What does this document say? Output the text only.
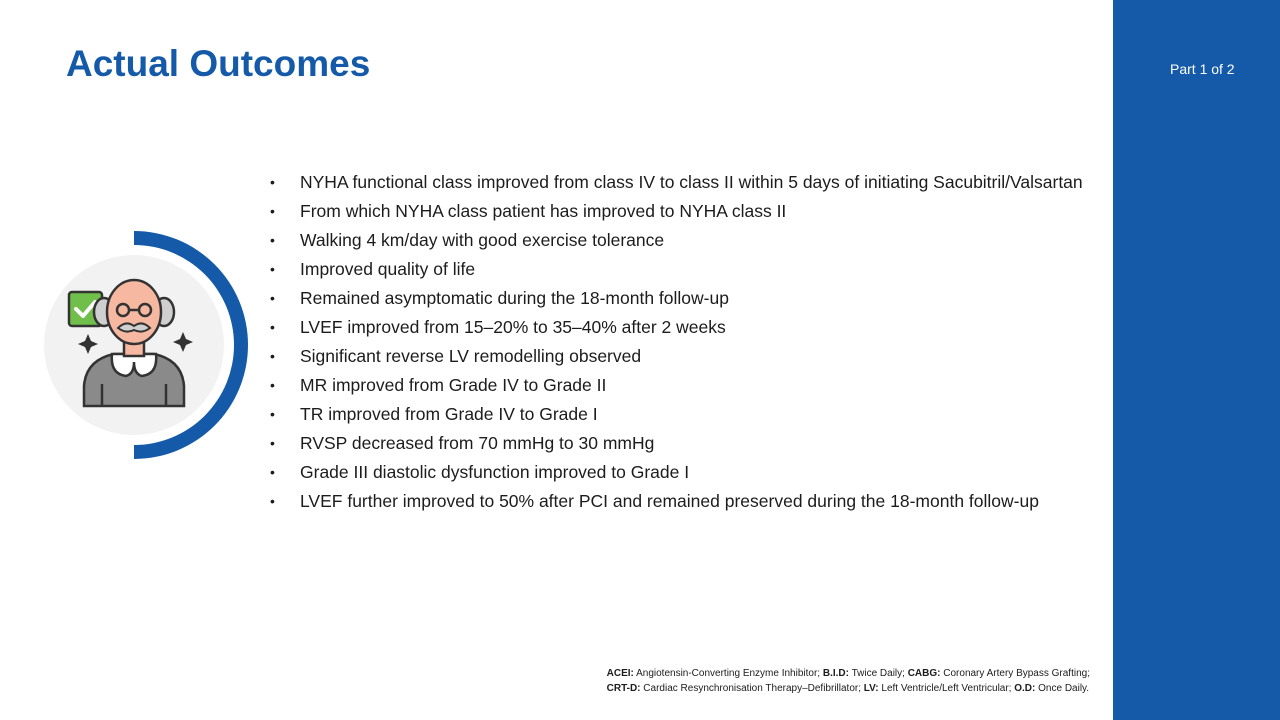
Part 1 of 2
Actual Outcomes
• NYHA functional class improved from class IV to class II within 5 days of initiating Sacubitril/Valsartan
• From which NYHA class patient has improved to NYHA class II
• Walking 4 km/day with good exercise tolerance
• Improved quality of life
• Remained asymptomatic during the 18-month follow-up
• LVEF improved from 15–20% to 35–40% after 2 weeks
• Significant reverse LV remodelling observed
• MR improved from Grade IV to Grade II
• TR improved from Grade IV to Grade I
• RVSP decreased from 70 mmHg to 30 mmHg
• Grade III diastolic dysfunction improved to Grade I
• LVEF further improved to 50% after PCI and remained preserved during the 18-month follow-up

ACEI: Angiotensin-Converting Enzyme Inhibitor; B.I.D: Twice Daily; CABG: Coronary Artery Bypass Grafting;
CRT-D: Cardiac Resynchronisation Therapy–Defibrillator; LV: Left Ventricle/Left Ventricular; O.D: Once Daily.
